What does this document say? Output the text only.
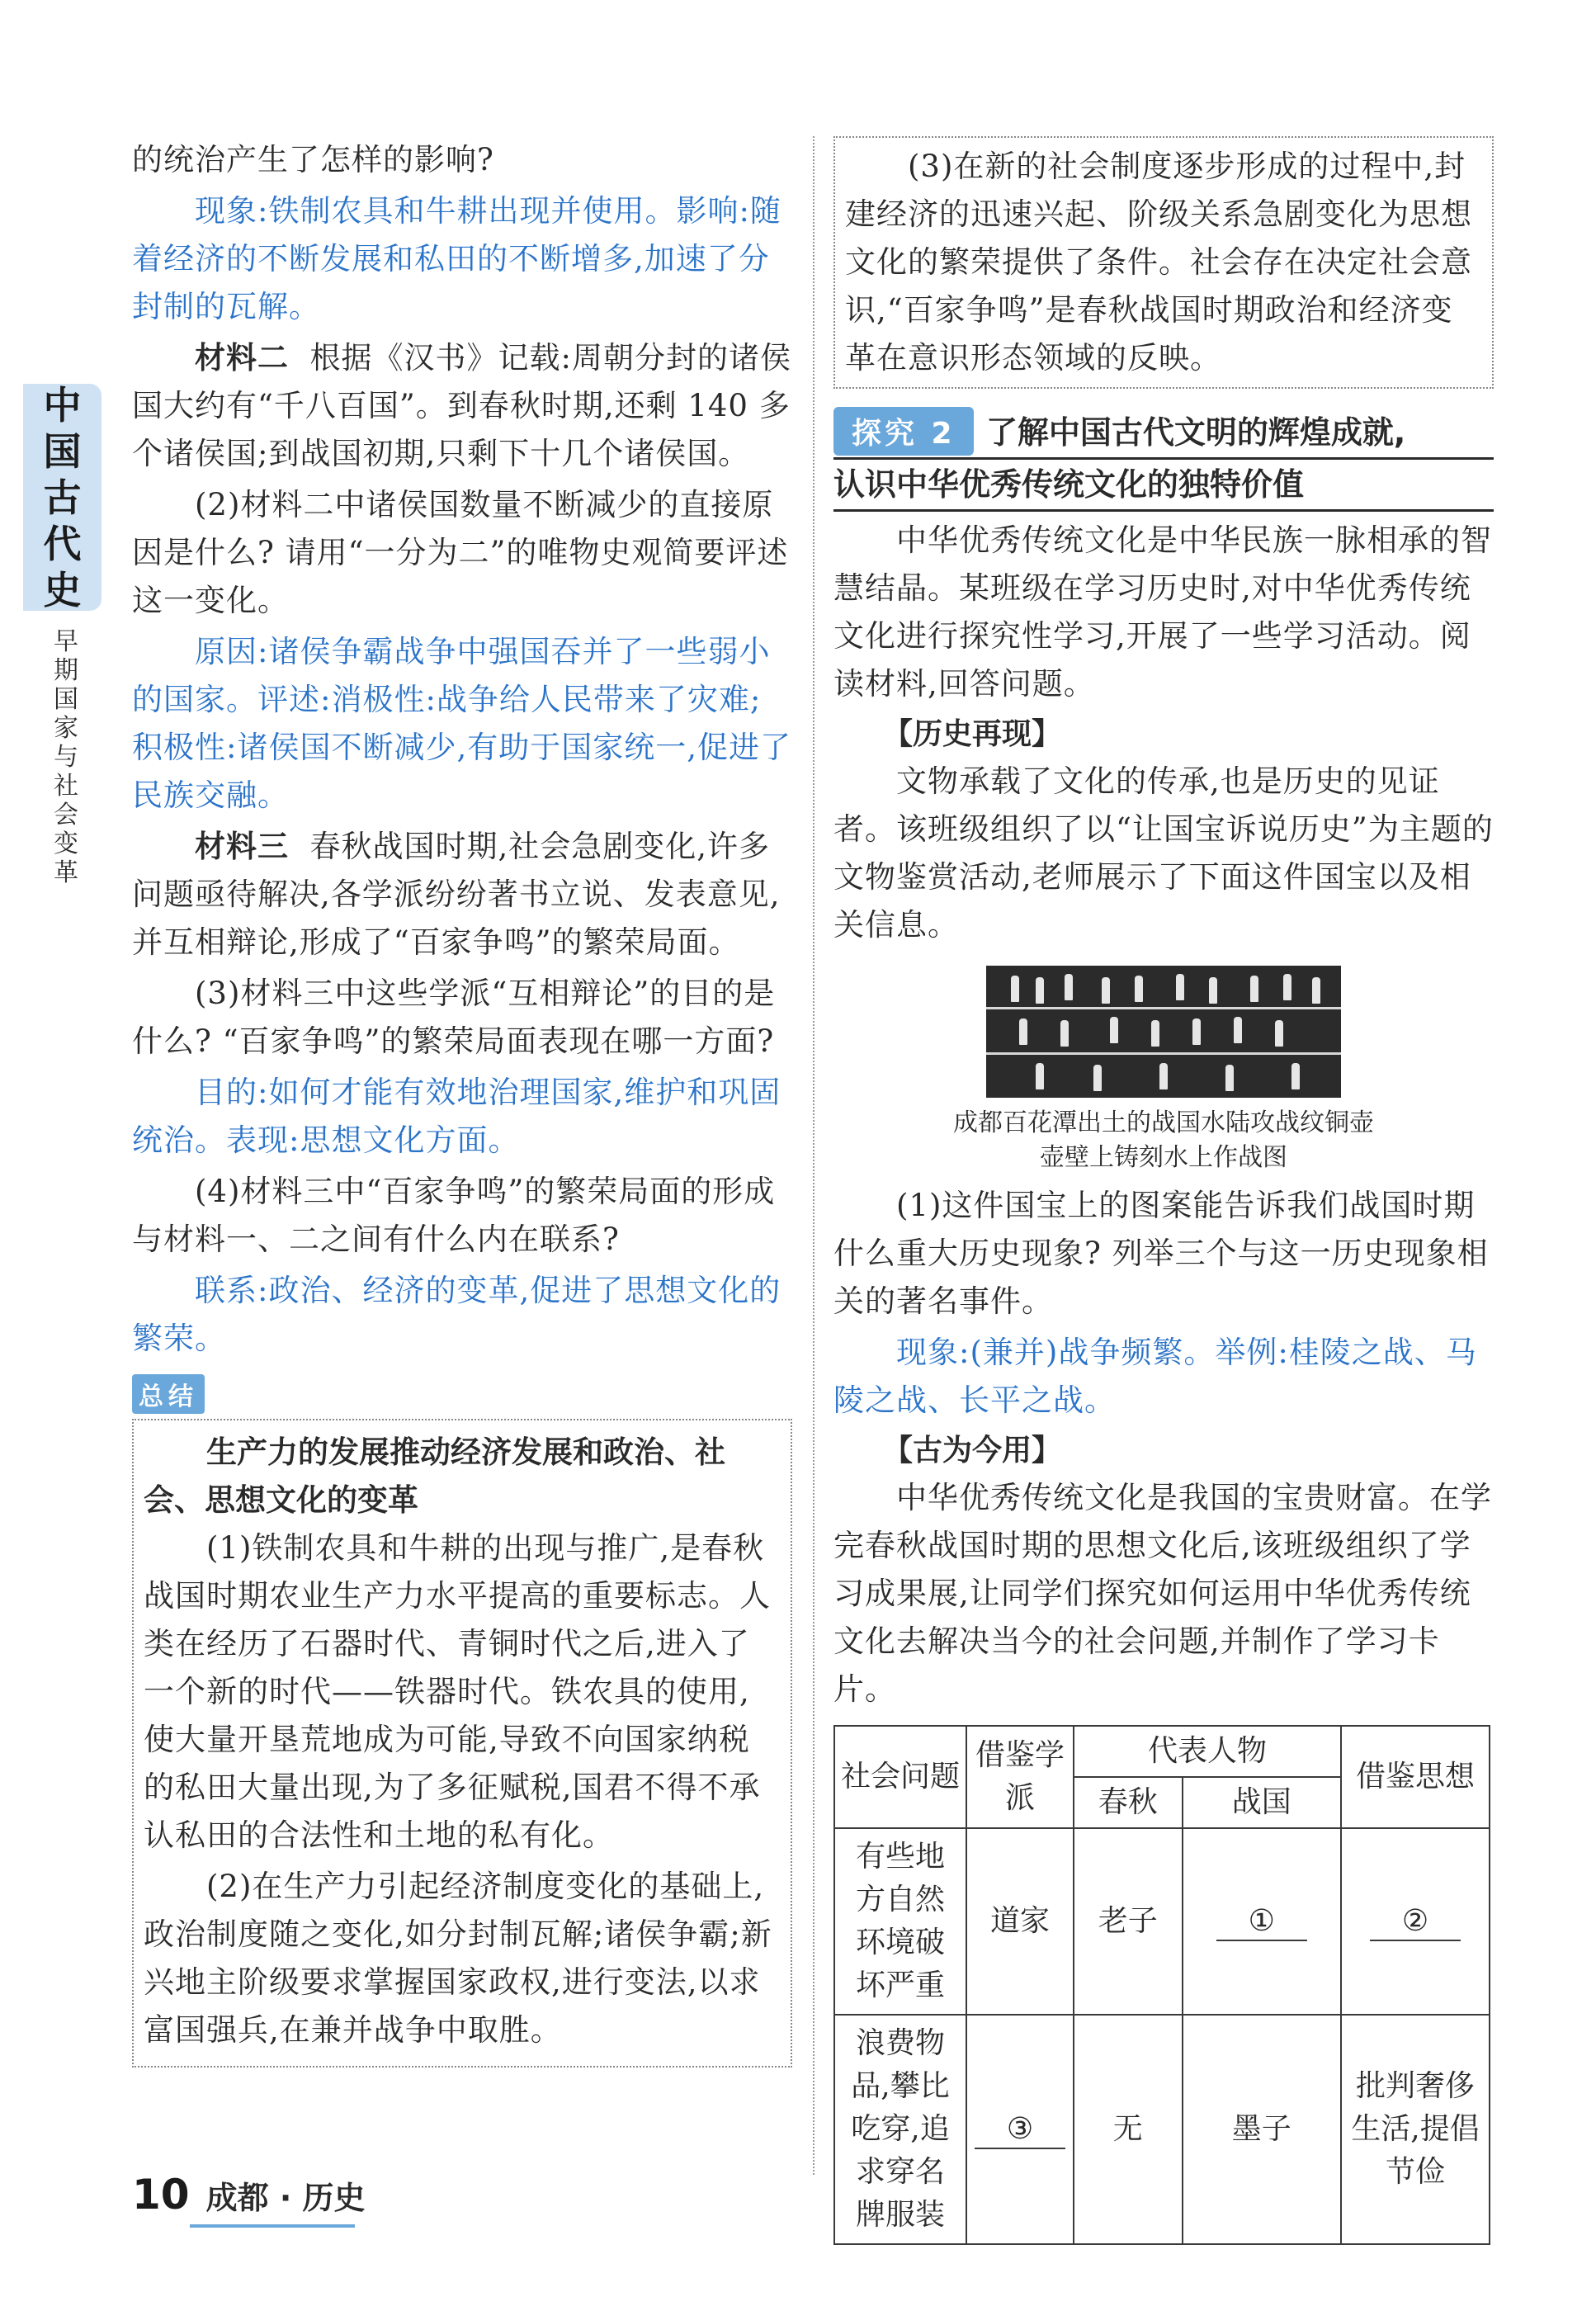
中
国
古
代
史
早
期
国
家
与
社
会
变
革

的统治产生了怎样的影响?

现象:铁制农具和牛耕出现并使用。影响:随着经济的不断发展和私田的不断增多,加速了分封制的瓦解。

材料二 根据《汉书》记载:周朝分封的诸侯国大约有“千八百国”。到春秋时期,还剩 140 多个诸侯国;到战国初期,只剩下十几个诸侯国。

(2)材料二中诸侯国数量不断减少的直接原因是什么? 请用“一分为二”的唯物史观简要评述这一变化。

原因:诸侯争霸战争中强国吞并了一些弱小的国家。评述:消极性:战争给人民带来了灾难;积极性:诸侯国不断减少,有助于国家统一,促进了民族交融。

材料三 春秋战国时期,社会急剧变化,许多问题亟待解决,各学派纷纷著书立说、发表意见,并互相辩论,形成了“百家争鸣”的繁荣局面。

(3)材料三中这些学派“互相辩论”的目的是什么? “百家争鸣”的繁荣局面表现在哪一方面?

目的:如何才能有效地治理国家,维护和巩固统治。表现:思想文化方面。

(4)材料三中“百家争鸣”的繁荣局面的形成与材料一、二之间有什么内在联系?

联系:政治、经济的变革,促进了思想文化的繁荣。

总结

生产力的发展推动经济发展和政治、社会、思想文化的变革

(1)铁制农具和牛耕的出现与推广,是春秋战国时期农业生产力水平提高的重要标志。人类在经历了石器时代、青铜时代之后,进入了一个新的时代——铁器时代。铁农具的使用,使大量开垦荒地成为可能,导致不向国家纳税的私田大量出现,为了多征赋税,国君不得不承认私田的合法性和土地的私有化。

(2)在生产力引起经济制度变化的基础上,政治制度随之变化,如分封制瓦解;诸侯争霸;新兴地主阶级要求掌握国家政权,进行变法,以求富国强兵,在兼并战争中取胜。

(3)在新的社会制度逐步形成的过程中,封建经济的迅速兴起、阶级关系急剧变化为思想文化的繁荣提供了条件。社会存在决定社会意识,“百家争鸣”是春秋战国时期政治和经济变革在意识形态领域的反映。

探究 2 了解中国古代文明的辉煌成就,
认识中华优秀传统文化的独特价值

中华优秀传统文化是中华民族一脉相承的智慧结晶。某班级在学习历史时,对中华优秀传统文化进行探究性学习,开展了一些学习活动。阅读材料,回答问题。

【历史再现】

文物承载了文化的传承,也是历史的见证者。该班级组织了以“让国宝诉说历史”为主题的文物鉴赏活动,老师展示了下面这件国宝以及相关信息。

成都百花潭出土的战国水陆攻战纹铜壶
壶壁上铸刻水上作战图

(1)这件国宝上的图案能告诉我们战国时期什么重大历史现象? 列举三个与这一历史现象相关的著名事件。

现象:(兼并)战争频繁。举例:桂陵之战、马陵之战、长平之战。

【古为今用】

中华优秀传统文化是我国的宝贵财富。在学完春秋战国时期的思想文化后,该班级组织了学习成果展,让同学们探究如何运用中华优秀传统文化去解决当今的社会问题,并制作了学习卡片。

社会问题	借鉴学派	代表人物		借鉴思想
		春秋	战国	
有些地方自然环境破坏严重	道家	老子	①	②
浪费物品,攀比吃穿,追求穿名牌服装	③	无	墨子	批判奢侈生活,提倡节俭
10 成都 · 历史
